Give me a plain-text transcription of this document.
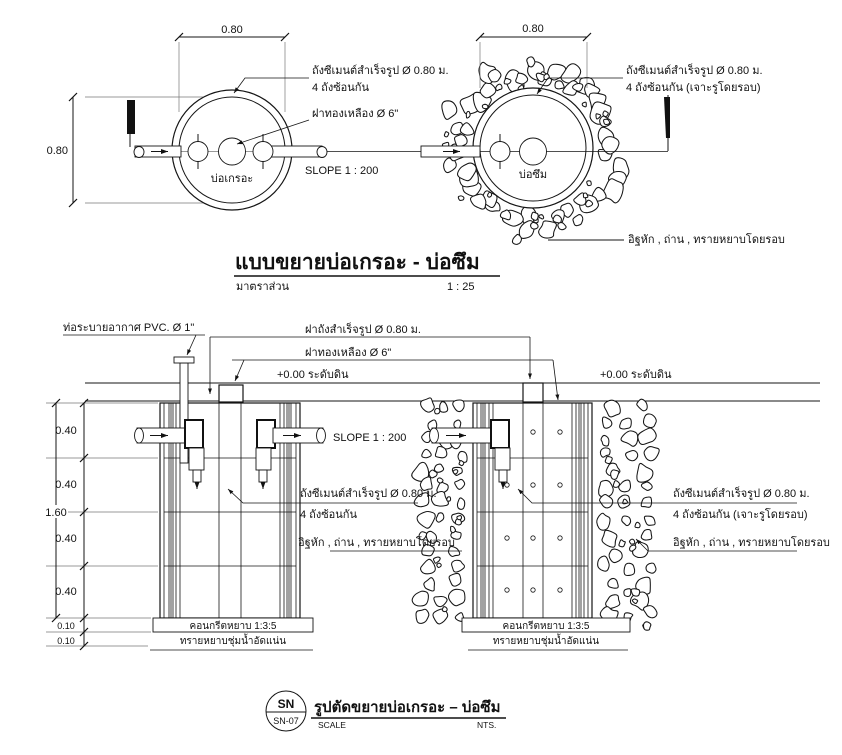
0.80
0.80
ถังซีเมนต์สำเร็จรูป Ø 0.80 ม.
4 ถังซ้อนกัน
ฝาทองเหลือง Ø 6"
บ่อเกรอะ
SLOPE 1 : 200
0.80
ถังซีเมนต์สำเร็จรูป Ø 0.80 ม.
4 ถังซ้อนกัน (เจาะรูโดยรอบ)
บ่อซึม
อิฐหัก , ถ่าน , ทรายหยาบโดยรอบ
แบบขยายบ่อเกรอะ - บ่อซึม
มาตราส่วน	1 : 25
คอนกรีตหยาบ 1:3:5
ทรายหยาบชุ่มน้ำอัดแน่น
คอนกรีตหยาบ 1:3:5
ทรายหยาบชุ่มน้ำอัดแน่น
ท่อระบายอากาศ PVC. Ø 1"	ฝาถังสำเร็จรูป Ø 0.80 ม.
ฝาทองเหลือง Ø 6"
+0.00 ระดับดิน	+0.00 ระดับดิน
SLOPE 1 : 200
ถังซีเมนต์สำเร็จรูป Ø 0.80 ม.
4 ถังซ้อนกัน
อิฐหัก , ถ่าน , ทรายหยาบโดยรอบ
ถังซีเมนต์สำเร็จรูป Ø 0.80 ม.
4 ถังซ้อนกัน (เจาะรูโดยรอบ)
อิฐหัก , ถ่าน , ทรายหยาบโดยรอบ
0.40
0.40
0.40
0.40
1.60
0.10
0.10
SN
SN-07
รูปตัดขยายบ่อเกรอะ – บ่อซึม
SCALE	NTS.
